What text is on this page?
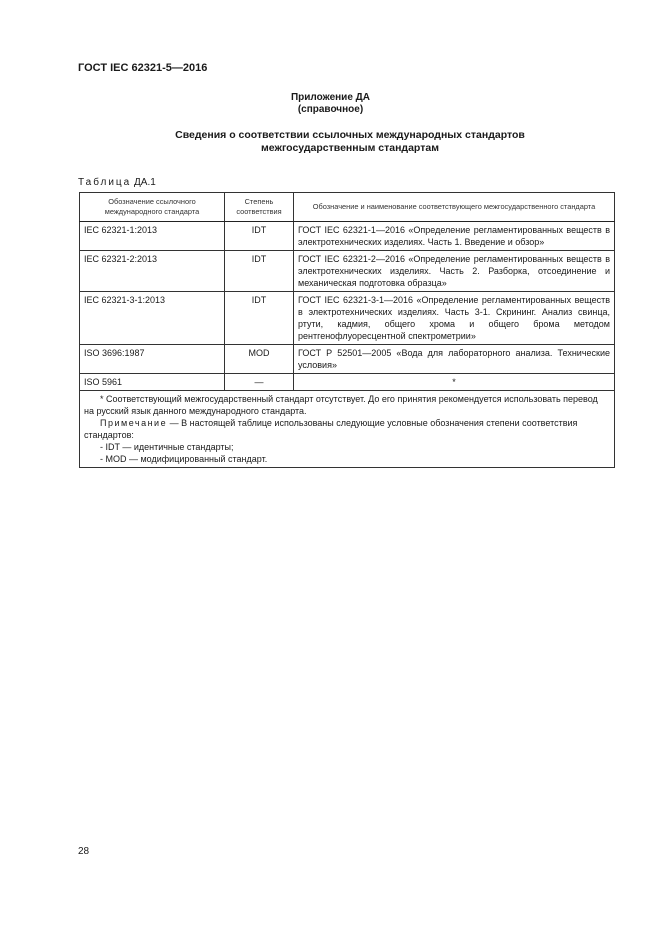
ГОСТ IEC 62321-5—2016
Приложение ДА
(справочное)
Сведения о соответствии ссылочных международных стандартов
межгосударственным стандартам
Таблица ДА.1
Обозначение ссылочного международного стандарта	Степень соответствия	Обозначение и наименование соответствующего межгосударственного стандарта
IEC 62321-1:2013	IDT	ГОСТ IEC 62321-1—2016 «Определение регламентированных веществ в электротехнических изделиях. Часть 1. Введение и обзор»
IEC 62321-2:2013	IDT	ГОСТ IEC 62321-2—2016 «Определение регламентированных веществ в электротехнических изделиях. Часть 2. Разборка, отсоединение и механическая подготовка образца»
IEC 62321-3-1:2013	IDT	ГОСТ IEC 62321-3-1—2016 «Определение регламентированных веществ в электротехнических изделиях. Часть 3-1. Скрининг. Анализ свинца, ртути, кадмия, общего хрома и общего брома методом рентгенофлуоресцентной спектрометрии»
ISO 3696:1987	MOD	ГОСТ Р 52501—2005 «Вода для лабораторного анализа. Технические условия»
ISO 5961	—	*

* Соответствующий межгосударственный стандарт отсутствует. До его принятия рекомендуется использовать перевод на русский язык данного международного стандарта.

Примечание — В настоящей таблице использованы следующие условные обозначения степени соответствия стандартов:

- IDT — идентичные стандарты;

- MOD — модифицированный стандарт.		

28
